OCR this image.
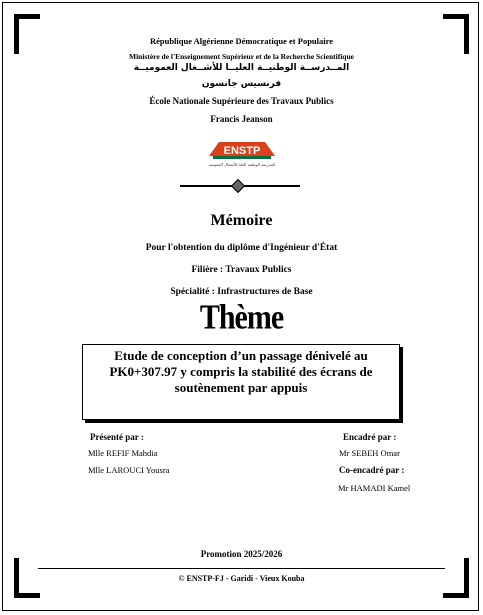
République Algérienne Démocratique et Populaire
Ministère de l'Enseignement Supérieur et de la Recherche Scientifique
المــدرســة الوطنيــة العليــا للأشــغال العموميــة
فرنسيس جانسون
École Nationale Supérieure des Travaux Publics
Francis Jeanson
ENSTP
المدرسة الوطنية العليا للأشغال العمومية
Mémoire
Pour l'obtention du diplôme d'Ingénieur d'État
Filière : Travaux Publics
Spécialité : Infrastructures de Base
Thème
Etude de conception d’un passage dénivelé au
PK0+307.97 y compris la stabilité des écrans de
soutènement par appuis
Présenté par :
Mlle REFIF Mahdia
Mlle LAROUCI Yousra
Encadré par :
Mr SEBEH Omar
Co-encadré par :
Mr HAMADI Kamel
Promotion 2025/2026
© ENSTP-FJ - Garidi - Vieux Kouba
